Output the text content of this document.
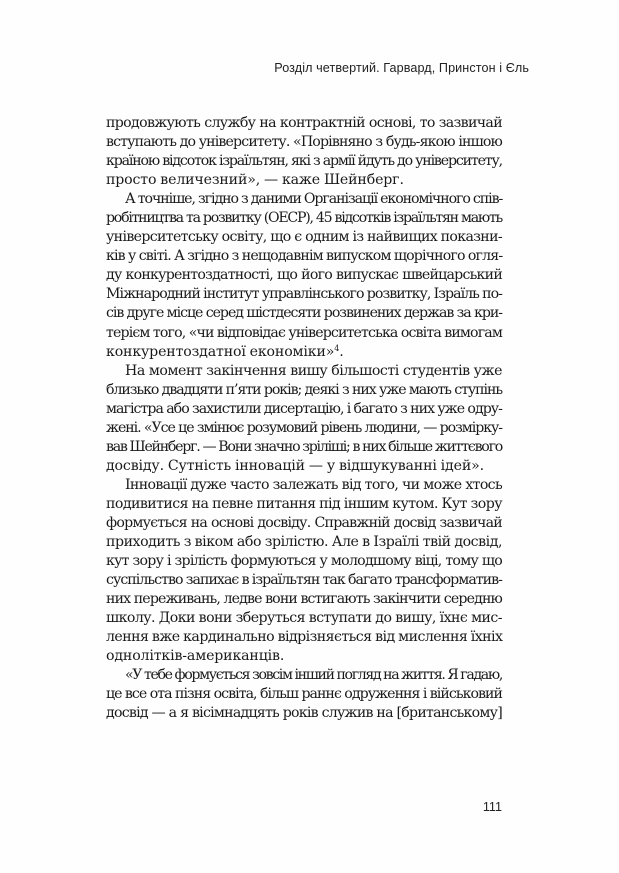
Розділ четвертий. Гарвард, Принстон і Єль
продовжують службу на контрактній основі, то зазвичай
вступають до університету. «Порівняно з будь-якою іншою
країною відсоток ізраїльтян, які з армії йдуть до університету,
просто величезний», — каже Шейнберг.
А точніше, згідно з даними Організації економічного спів-
робітництва та розвитку (ОЕСР), 45 відсотків ізраїльтян мають
університетську освіту, що є одним із найвищих показни-
ків у світі. А згідно з нещодавнім випуском щорічного огля-
ду конкурентоздатності, що його випускає швейцарський
Міжнародний інститут управлінського розвитку, Ізраїль по-
сів друге місце серед шістдесяти розвинених держав за кри-
терієм того, «чи відповідає університетська освіта вимогам
конкурентоздатної економіки»$^4$.
На момент закінчення вишу більшості студентів уже
близько двадцяти п’яти років; деякі з них уже мають ступінь
магістра або захистили дисертацію, і багато з них уже одру-
жені. «Усе це змінює розумовий рівень людини, — розмірку-
вав Шейнберг. — Вони значно зріліші; в них більше життєвого
досвіду. Сутність інновацій — у відшукуванні ідей».
Інновації дуже часто залежать від того, чи може хтось
подивитися на певне питання під іншим кутом. Кут зору
формується на основі досвіду. Справжній досвід зазвичай
приходить з віком або зрілістю. Але в Ізраїлі твій досвід,
кут зору і зрілість формуються у молодшому віці, тому що
суспільство запихає в ізраїльтян так багато трансформатив-
них переживань, ледве вони встигають закінчити середню
школу. Доки вони зберуться вступати до вишу, їхнє мис-
лення вже кардинально відрізняється від мислення їхніх
однолітків-американців.
«У тебе формується зовсім інший погляд на життя. Я гадаю,
це все ота пізня освіта, більш раннє одруження і військовий
досвід — а я вісімнадцять років служив на [британському]
111
